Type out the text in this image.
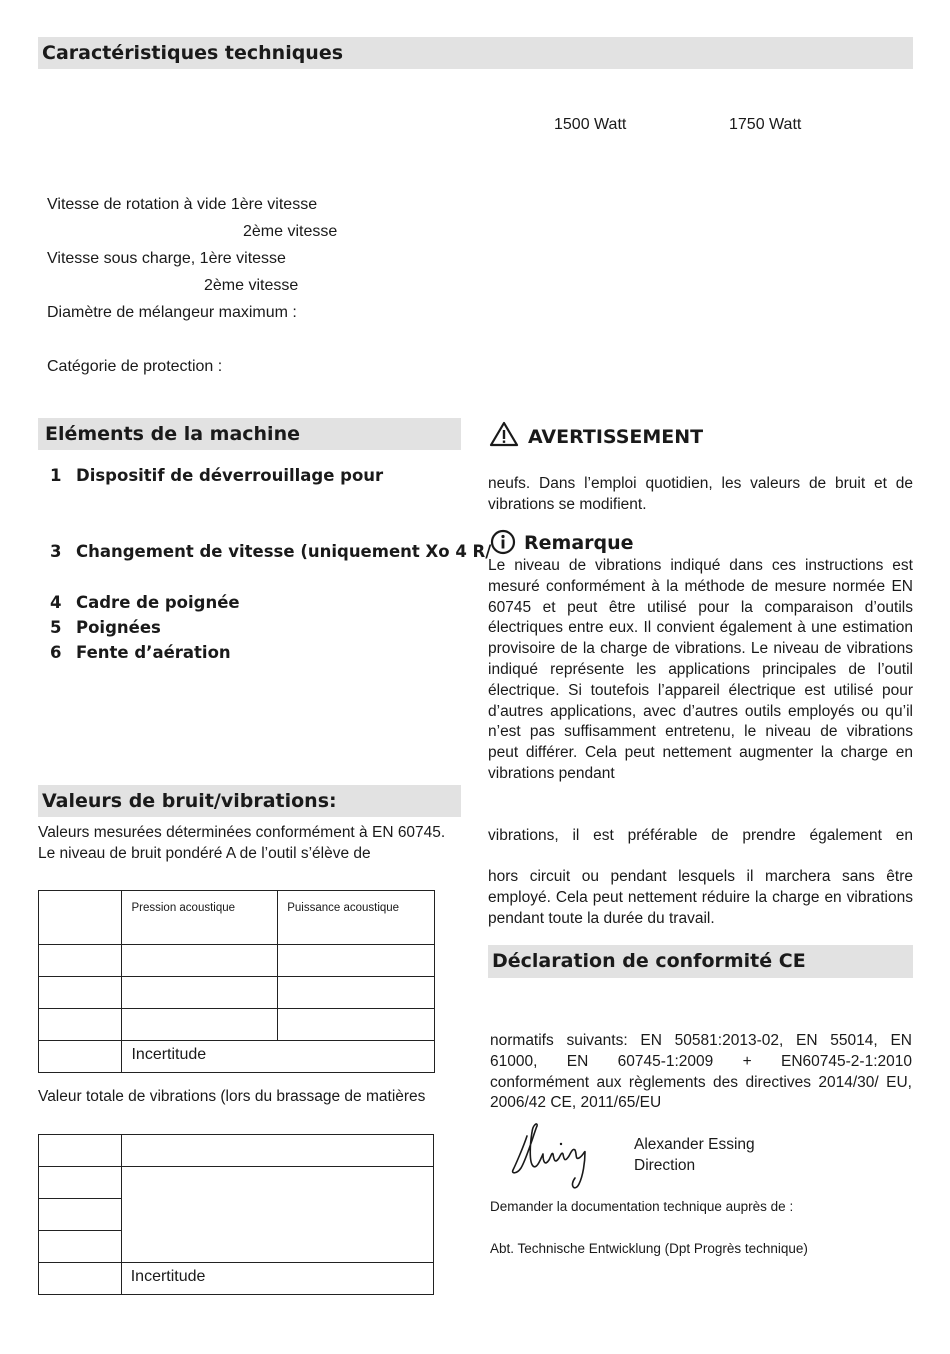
Caractéristiques techniques
1500 Watt	1750 Watt
Vitesse de rotation à vide 1ère vitesse
2ème vitesse
Vitesse sous charge, 1ère vitesse
2ème vitesse
Diamètre de mélangeur maximum :
Catégorie de protection :
Eléments de la machine
1 Dispositif de déverrouillage pour
3 Changement de vitesse (uniquement Xo 4 R/
4 Cadre de poignée
5 Poignées
6 Fente d’aération
Valeurs de bruit/vibrations:
Valeurs mesurées déterminées conformément à EN 60745. Le niveau de bruit pondéré A de l’outil s’élève de

	Pression acoustique	Puissance acoustique

	Incertitude	
Valeur totale de vibrations (lors du brassage de matières

	Incertitude
AVERTISSEMENT
neufs. Dans l’emploi quotidien, les valeurs de bruit et de vibrations se modifient.
Remarque
Le niveau de vibrations indiqué dans ces instructions est mesuré conformément à la méthode de mesure normée EN 60745 et peut être utilisé pour la comparaison d’outils électriques entre eux. Il convient également à une estimation provisoire de la charge de vibrations. Le niveau de vibrations indiqué représente les applications principales de l’outil électrique. Si toutefois l’appareil électrique est utilisé pour d’autres applications, avec d’autres outils employés ou qu’il n’est pas suffisamment entretenu, le niveau de vibrations peut différer. Cela peut nettement augmenter la charge en vibrations pendant
vibrations, il est préférable de prendre également en
hors circuit ou pendant lesquels il marchera sans être employé. Cela peut nettement réduire la charge en vibrations pendant toute la durée du travail.
Déclaration de conformité CE
normatifs suivants: EN 50581:2013-02, EN 55014, EN 61000, EN 60745-1:2009 + EN60745-2-1:2010 conformément aux règlements des directives 2014/30/ EU, 2006/42 CE, 2011/65/EU
Alexander Essing
Direction
Demander la documentation technique auprès de :
Abt. Technische Entwicklung (Dpt Progrès technique)
